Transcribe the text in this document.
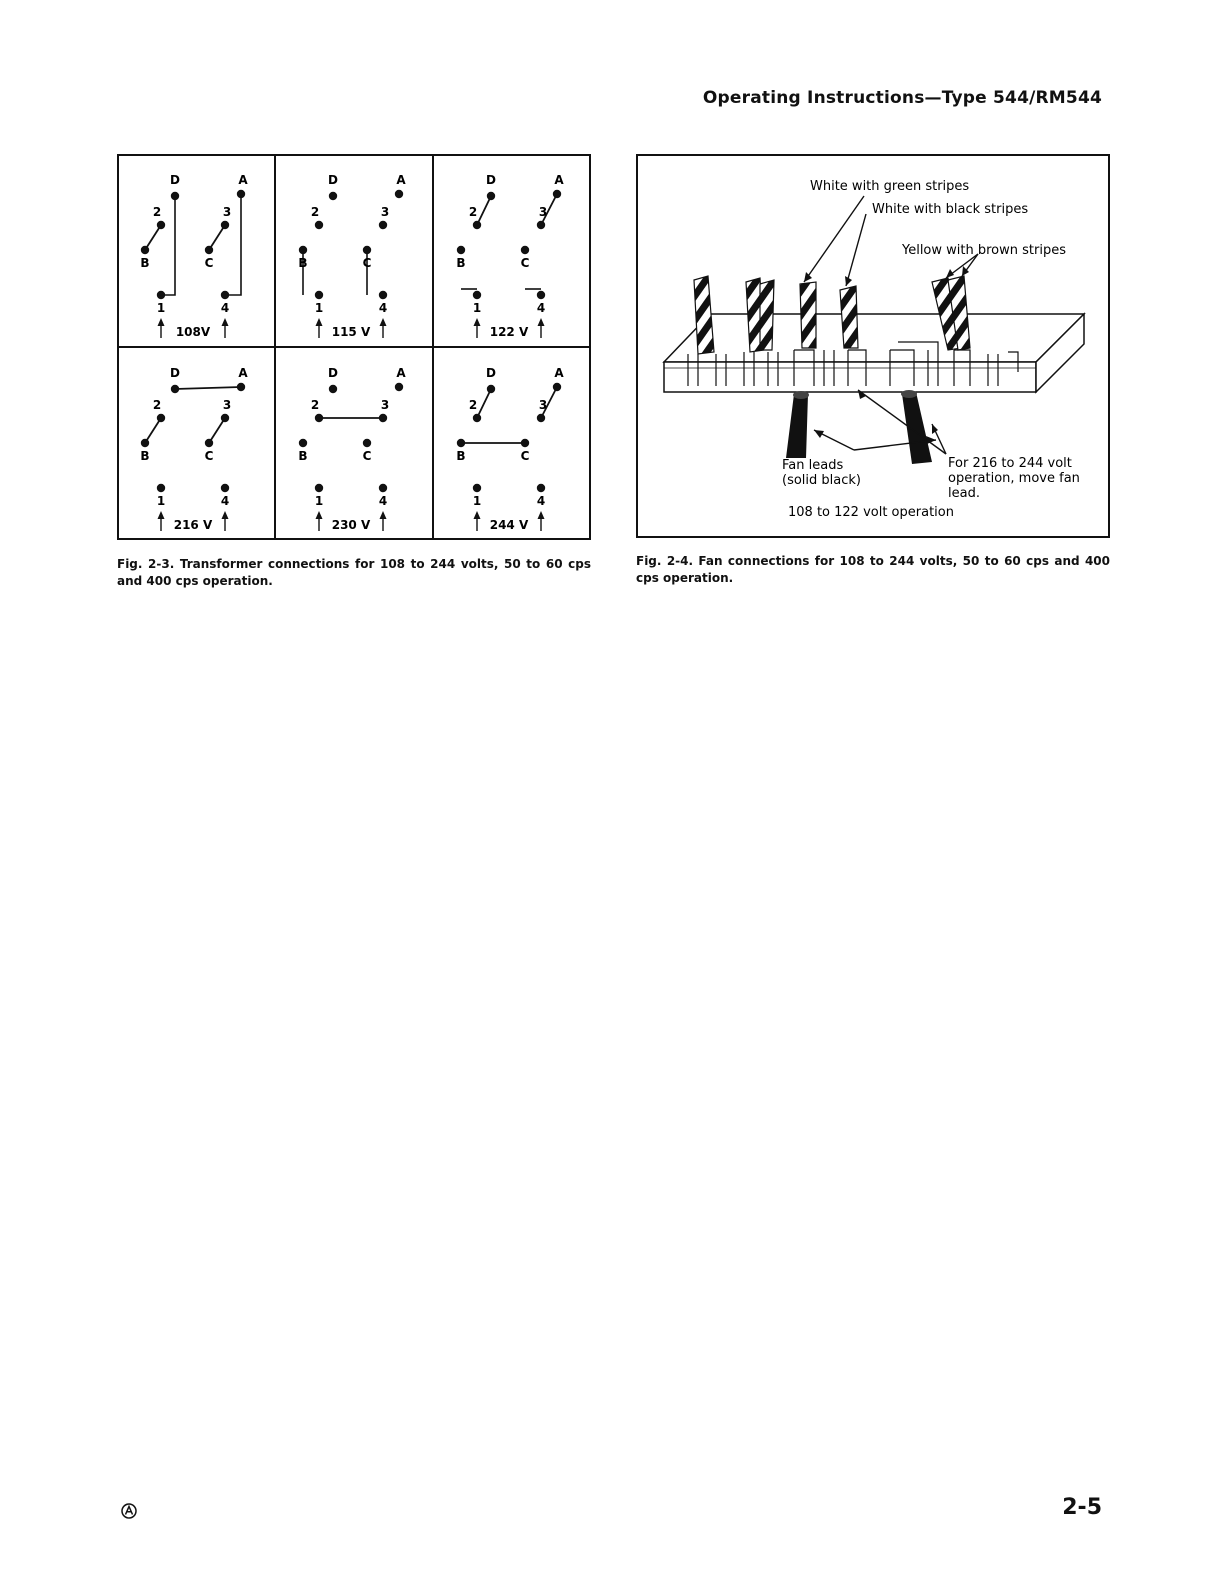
Operating Instructions—Type 544/RM544
D	A
2	3
B	C
1	4
108V
D	A
2	3
B	C
1	4
115 V
D	A
2	3
B	C
1	4
122 V
D	A
2	3
B	C
1	4
216 V
D	A
2	3
B	C
1	4
230 V
D	A
2	3
B	C
1	4
244 V
Fig. 2-3. Transformer connections for 108 to 244 volts, 50 to 60 cps and 400 cps operation.
White with green stripes
White with black stripes
Yellow with brown stripes
Fan leads
(solid black)
For 216 to 244 volt
operation, move fan
lead.
108 to 122 volt operation
Fig. 2-4. Fan connections for 108 to 244 volts, 50 to 60 cps and 400 cps operation.
2-5
